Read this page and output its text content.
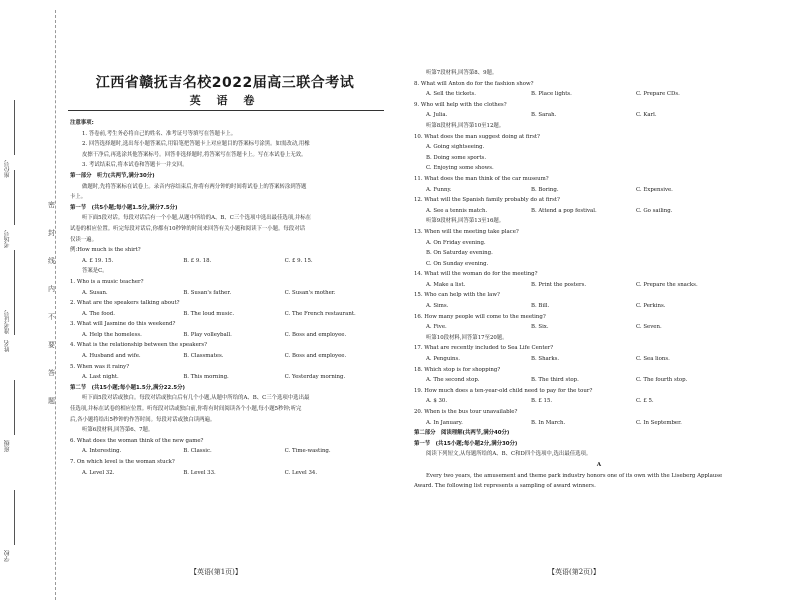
学校
班级
姓名
准考证号
考场号
座位号
江西省赣抚吉名校2022届高三联合考试
英 语 卷
注意事项:
1. 答卷前,考生务必将自己的姓名、准考证号等填写在答题卡上。
2. 回答选择题时,选出每小题答案后,用铅笔把答题卡上对应题目的答案标号涂黑。如需改动,用橡
皮擦干净后,再选涂其他答案标号。回答非选择题时,将答案写在答题卡上。写在本试卷上无效。
3. 考试结束后,将本试卷和答题卡一并交回。
第一部分　听力(共两节,满分30分)
做题时,先将答案标在试卷上。录音内容结束后,你将有两分钟的时间将试卷上的答案转涂到答题
卡上。
第一节　(共5小题;每小题1.5分,满分7.5分)
听下面5段对话。每段对话后有一个小题,从题中所给的A、B、C三个选项中选出最佳选项,并标在
试卷的相应位置。听完每段对话后,你都有10秒钟的时间来回答有关小题和阅读下一小题。每段对话
仅读一遍。
例:How much is the shirt?
A. £ 19. 15.	B. £ 9. 18.	C. £ 9. 15.
答案是C。
1. Who is a music teacher?
A. Susan.	B. Susan's father.	C. Susan's mother.
2. What are the speakers talking about?
A. The food.	B. The loud music.	C. The French restaurant.
3. What will Jasmine do this weekend?
A. Help the homeless.	B. Play volleyball.	C. Boss and employee.
4. What is the relationship between the speakers?
A. Husband and wife.	B. Classmates.	C. Boss and employee.
5. When was it rainy?
A. Last night.	B. This morning.	C. Yesterday morning.
第二节　(共15小题;每小题1.5分,满分22.5分)
听下面5段对话或独白。每段对话或独白后有几个小题,从题中所给的A、B、C三个选项中选出最
佳选项,并标在试卷的相应位置。听每段对话或独白前,你将有时间阅读各个小题,每小题5秒钟;听完
后,各小题将给出5秒钟的作答时间。每段对话或独白读两遍。
听第6段材料,回答第6、7题。
6. What does the woman think of the new game?
A. Interesting.	B. Classic.	C. Time-wasting.
7. On which level is the woman stuck?
A. Level 32.	B. Level 33.	C. Level 34.
【英语(第1页)】
密
封
线
内
不
要
答
题
听第7段材料,回答第8、9题。
8. What will Anton do for the fashion show?
A. Sell the tickets.	B. Place lights.	C. Prepare CDs.
9. Who will help with the clothes?
A. Julia.	B. Sarah.	C. Karl.
听第8段材料,回答第10至12题。
10. What does the man suggest doing at first?
A. Going sightseeing.
B. Doing some sports.
C. Enjoying some shows.
11. What does the man think of the car museum?
A. Funny.	B. Boring.	C. Expensive.
12. What will the Spanish family probably do at first?
A. See a tennis match.	B. Attend a pop festival.	C. Go sailing.
听第9段材料,回答第13至16题。
13. When will the meeting take place?
A. On Friday evening.
B. On Saturday evening.
C. On Sunday evening.
14. What will the woman do for the meeting?
A. Make a list.	B. Print the posters.	C. Prepare the snacks.
15. Who can help with the law?
A. Sims.	B. Bill.	C. Perkins.
16. How many people will come to the meeting?
A. Five.	B. Six.	C. Seven.
听第10段材料,回答第17至20题。
17. What are recently included to Sea Life Center?
A. Penguins.	B. Sharks.	C. Sea lions.
18. Which stop is for shopping?
A. The second stop.	B. The third stop.	C. The fourth stop.
19. How much does a ten-year-old child need to pay for the tour?
A. $ 30.	B. £ 15.	C. £ 5.
20. When is the bus tour unavailable?
A. In January.	B. In March.	C. In September.
第二部分　阅读理解(共两节,满分40分)
第一节　(共15小题;每小题2分,满分30分)
阅读下列短文,从每题所给的A、B、C和D四个选项中,选出最佳选项。
A
Every two years, the amusement and theme park industry honors one of its own with the Liseberg Applause
Award. The following list represents a sampling of award winners.
【英语(第2页)】
